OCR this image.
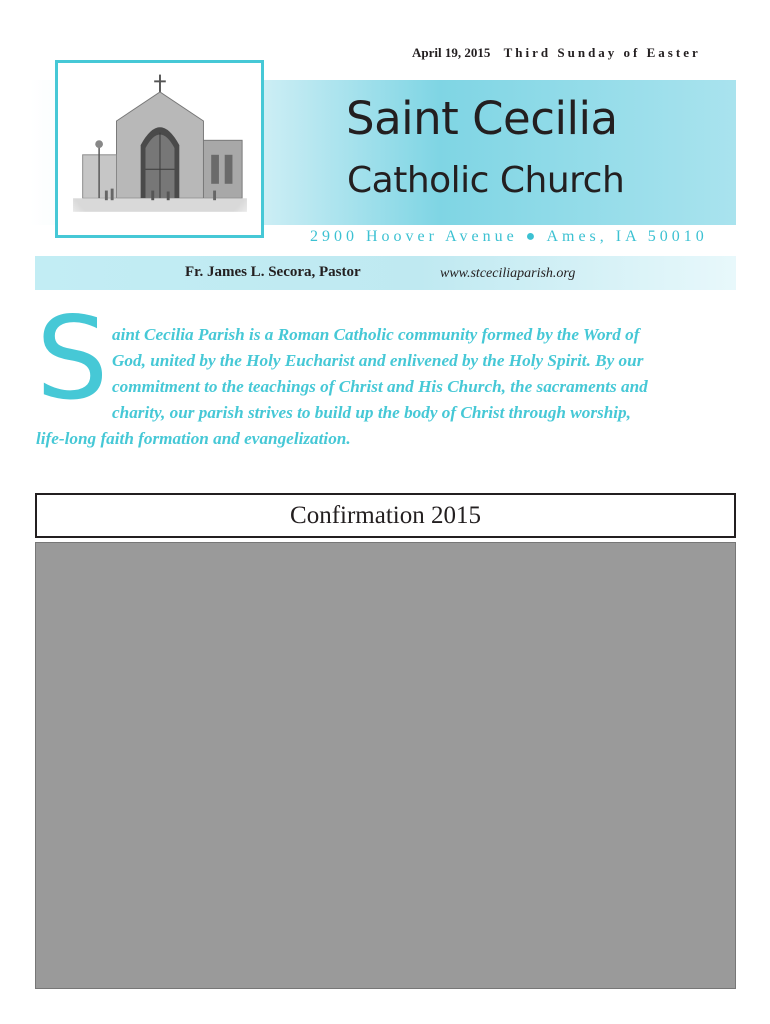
April 19, 2015 Third Sunday of Easter
Saint Cecilia
Catholic Church
2900 Hoover Avenue ● Ames, IA 50010
Fr. James L. Secora, Pastor	www.stceciliaparish.org
S aint Cecilia Parish is a Roman Catholic community formed by the Word of
God, united by the Holy Eucharist and enlivened by the Holy Spirit. By our
commitment to the teachings of Christ and His Church, the sacraments and
charity, our parish strives to build up the body of Christ through worship,
life-long faith formation and evangelization.
Confirmation 2015
